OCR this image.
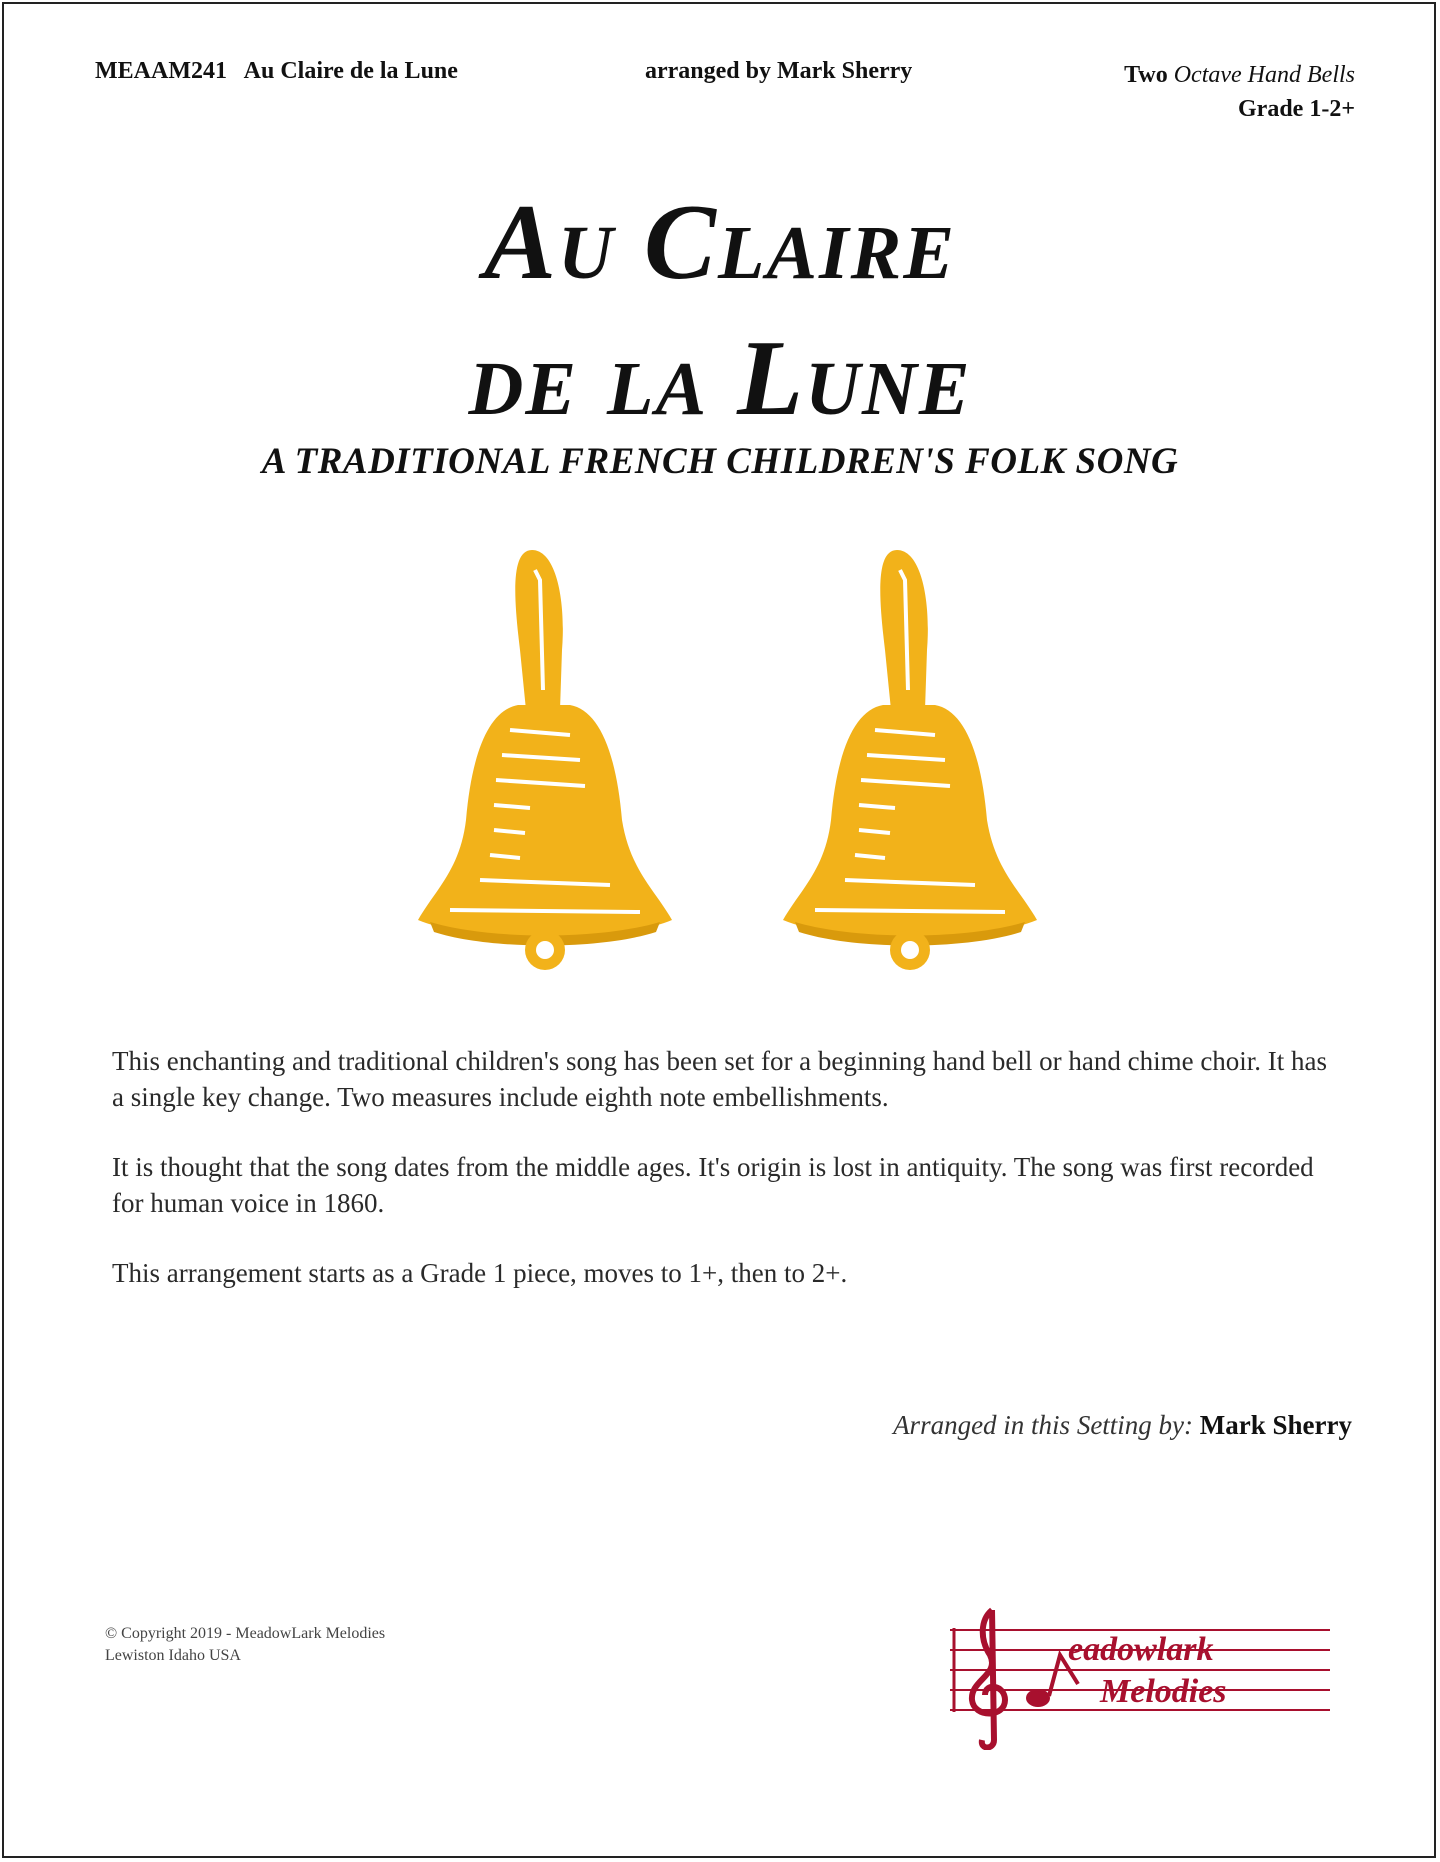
MEAAM241 Au Claire de la Lune	arranged by Mark Sherry	Two Octave Hand Bells
Grade 1-2+
Au Claire
de la Lune
A TRADITIONAL FRENCH CHILDREN'S FOLK SONG

This enchanting and traditional children's song has been set for a beginning hand bell or hand chime choir. It has a single key change. Two measures include eighth note embellishments.

It is thought that the song dates from the middle ages. It's origin is lost in antiquity. The song was first recorded for human voice in 1860.

This arrangement starts as a Grade 1 piece, moves to 1+, then to 2+.

Arranged in this Setting by: Mark Sherry
© Copyright 2019 - MeadowLark Melodies
Lewiston Idaho USA	eadowlark
Melodies
